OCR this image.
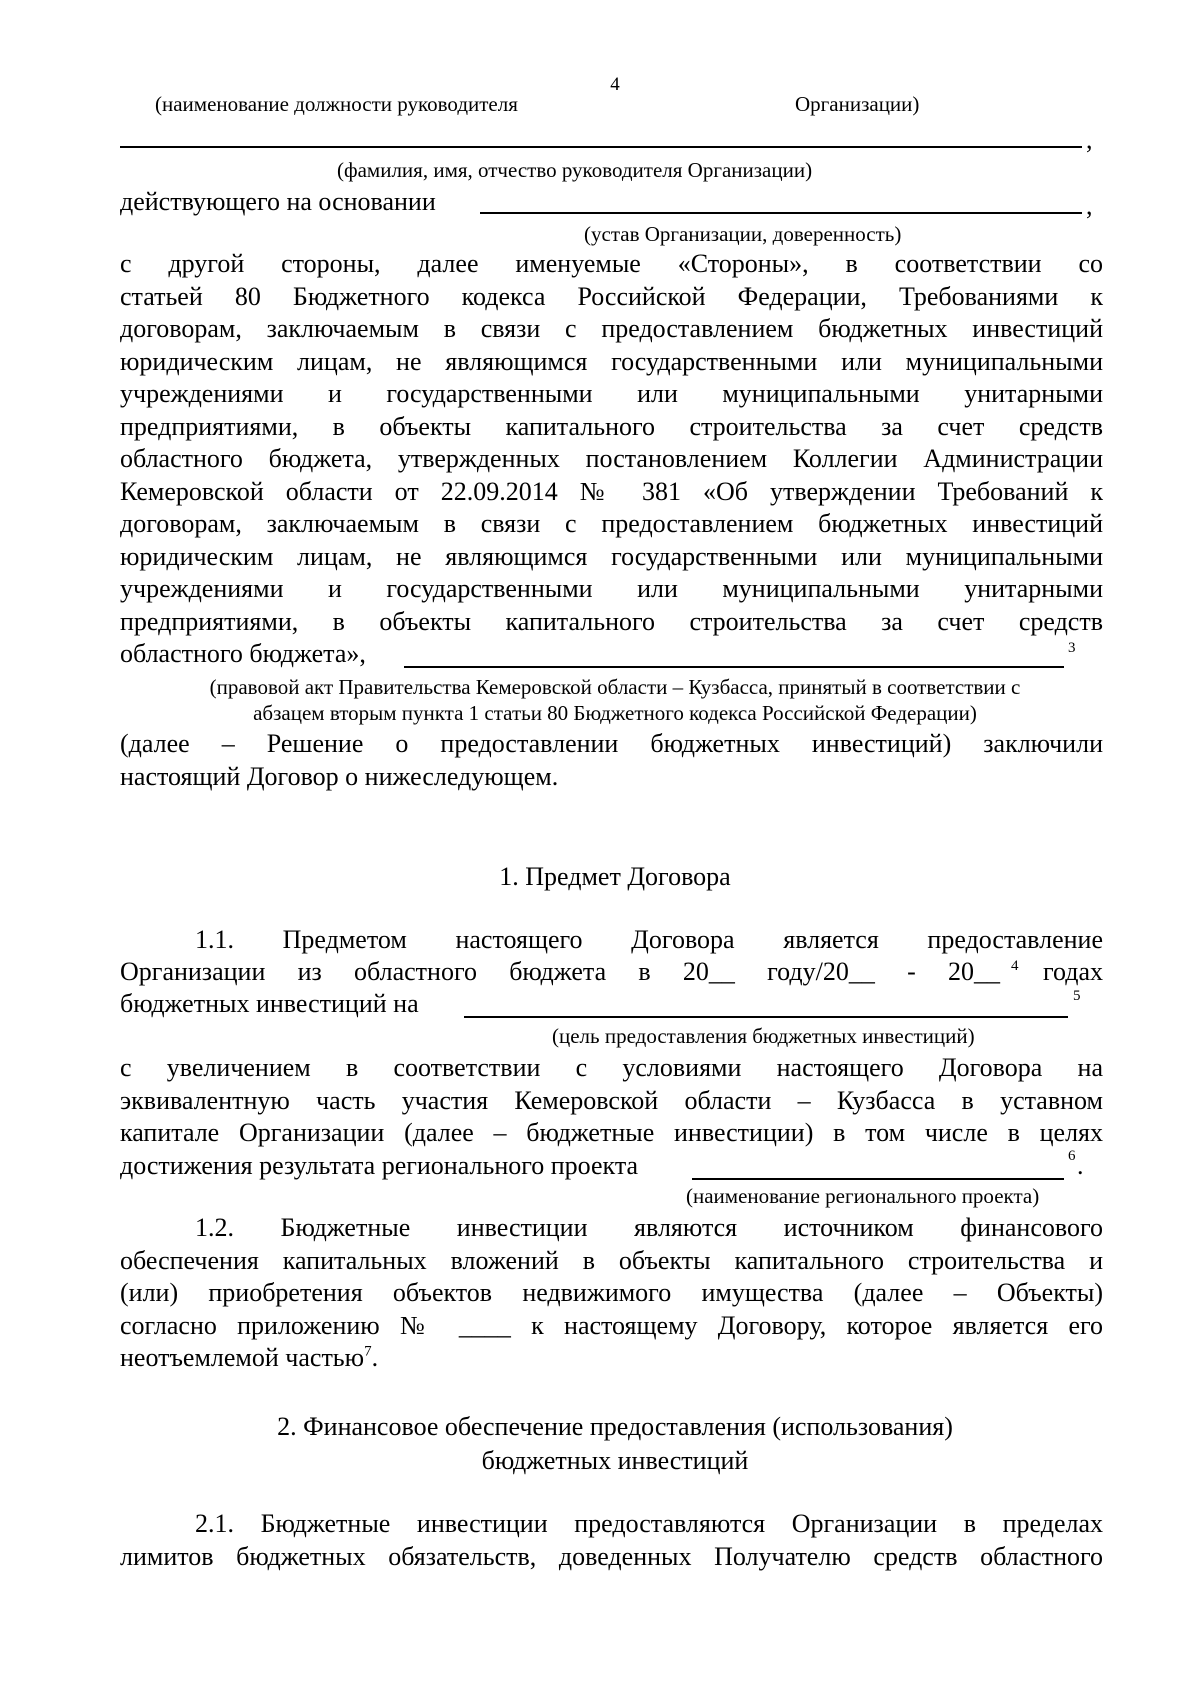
4
(наименование должности руководителя	Организации)
,
(фамилия, имя, отчество руководителя Организации)
действующего на основании	,
(устав Организации, доверенность)
с другой стороны, далее именуемые «Стороны», в соответствии со
статьей 80 Бюджетного кодекса Российской Федерации, Требованиями к
договорам, заключаемым в связи с предоставлением бюджетных инвестиций
юридическим лицам, не являющимся государственными или муниципальными
учреждениями и государственными или муниципальными унитарными
предприятиями, в объекты капитального строительства за счет средств
областного бюджета, утвержденных постановлением Коллегии Администрации
Кемеровской области от 22.09.2014 № 381 «Об утверждении Требований к
договорам, заключаемым в связи с предоставлением бюджетных инвестиций
юридическим лицам, не являющимся государственными или муниципальными
учреждениями и государственными или муниципальными унитарными
предприятиями, в объекты капитального строительства за счет средств
областного бюджета»,	3
(правовой акт Правительства Кемеровской области – Кузбасса, принятый в соответствии с
абзацем вторым пункта 1 статьи 80 Бюджетного кодекса Российской Федерации)
(далее – Решение о предоставлении бюджетных инвестиций) заключили
настоящий Договор о нижеследующем.
1. Предмет Договора
1.1. Предметом настоящего Договора является предоставление
Организации из областного бюджета в 20__ году/20__ - 20__ 4 годах
бюджетных инвестиций на	5
(цель предоставления бюджетных инвестиций)
с увеличением в соответствии с условиями настоящего Договора на
эквивалентную часть участия Кемеровской области – Кузбасса в уставном
капитале Организации (далее – бюджетные инвестиции) в том числе в целях
достижения результата регионального проекта	6 .
(наименование регионального проекта)
1.2. Бюджетные инвестиции являются источником финансового
обеспечения капитальных вложений в объекты капитального строительства и
(или) приобретения объектов недвижимого имущества (далее – Объекты)
согласно приложению № ____ к настоящему Договору, которое является его
неотъемлемой частью$^7$.
2. Финансовое обеспечение предоставления (использования)
бюджетных инвестиций
2.1. Бюджетные инвестиции предоставляются Организации в пределах
лимитов бюджетных обязательств, доведенных Получателю средств областного
